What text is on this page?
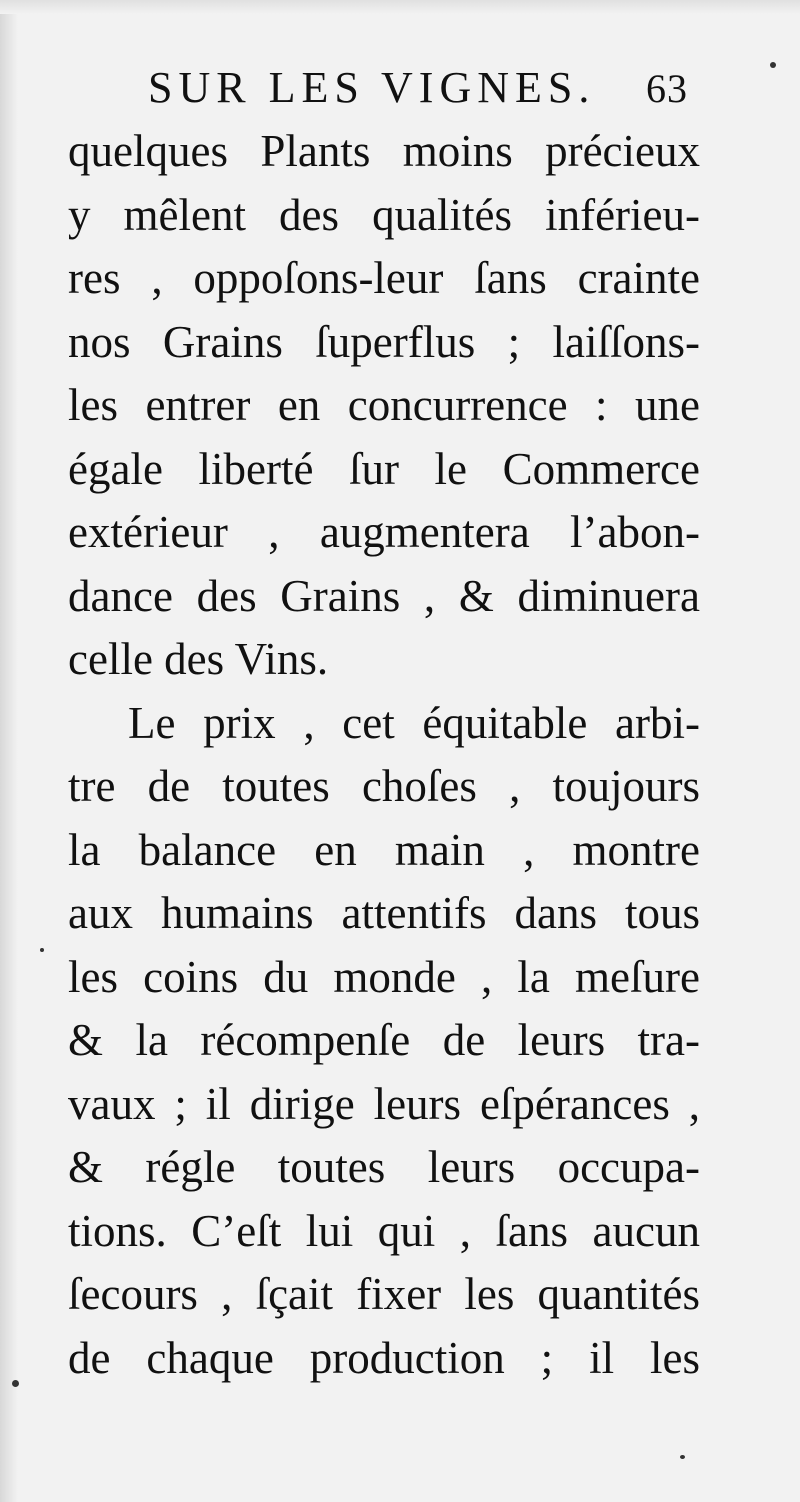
SUR LES VIGNES. 63
quelques Plants moins précieux
y mêlent des qualités inférieu-
res , oppoſons-leur ſans crainte
nos Grains ſuperflus ; laiſſons-
les entrer en concurrence : une
égale liberté ſur le Commerce
extérieur , augmentera l’abon-
dance des Grains , & diminuera
celle des Vins.
Le prix , cet équitable arbi-
tre de toutes choſes , toujours
la balance en main , montre
aux humains attentifs dans tous
les coins du monde , la meſure
& la récompenſe de leurs tra-
vaux ; il dirige leurs eſpérances ,
& régle toutes leurs occupa-
tions. C’eſt lui qui , ſans aucun
ſecours , ſçait fixer les quantités
de chaque production ; il les
